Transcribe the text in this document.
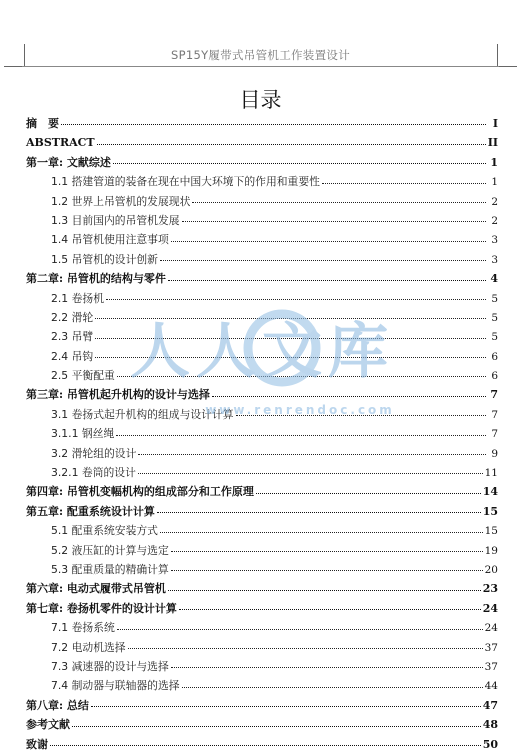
SP15Y履带式吊管机工作装置设计
目录
摘　要	I
ABSTRACT	II
第一章: 文献综述	1
1.1 搭建管道的装备在现在中国大环境下的作用和重要性	1
1.2 世界上吊管机的发展现状	2
1.3 目前国内的吊管机发展	2
1.4 吊管机使用注意事项	3
1.5 吊管机的设计创新	3
第二章: 吊管机的结构与零件	4
2.1 卷扬机	5
2.2 滑轮	5
2.3 吊臂	5
2.4 吊钩	6
2.5 平衡配重	6
第三章: 吊管机起升机构的设计与选择	7
3.1 卷扬式起升机构的组成与设计计算	7
3.1.1 钢丝绳	7
3.2 滑轮组的设计	9
3.2.1 卷筒的设计	11
第四章: 吊管机变幅机构的组成部分和工作原理	14
第五章: 配重系统设计计算	15
5.1 配重系统安装方式	15
5.2 液压缸的计算与选定	19
5.3 配重质量的精确计算	20
第六章: 电动式履带式吊管机	23
第七章: 卷扬机零件的设计计算	24
7.1 卷扬系统	24
7.2 电动机选择	37
7.3 减速器的设计与选择	37
7.4 制动器与联轴器的选择	44
第八章: 总结	47
参考文献	48
致谢	50
人人文库
www.renrendoc.com
